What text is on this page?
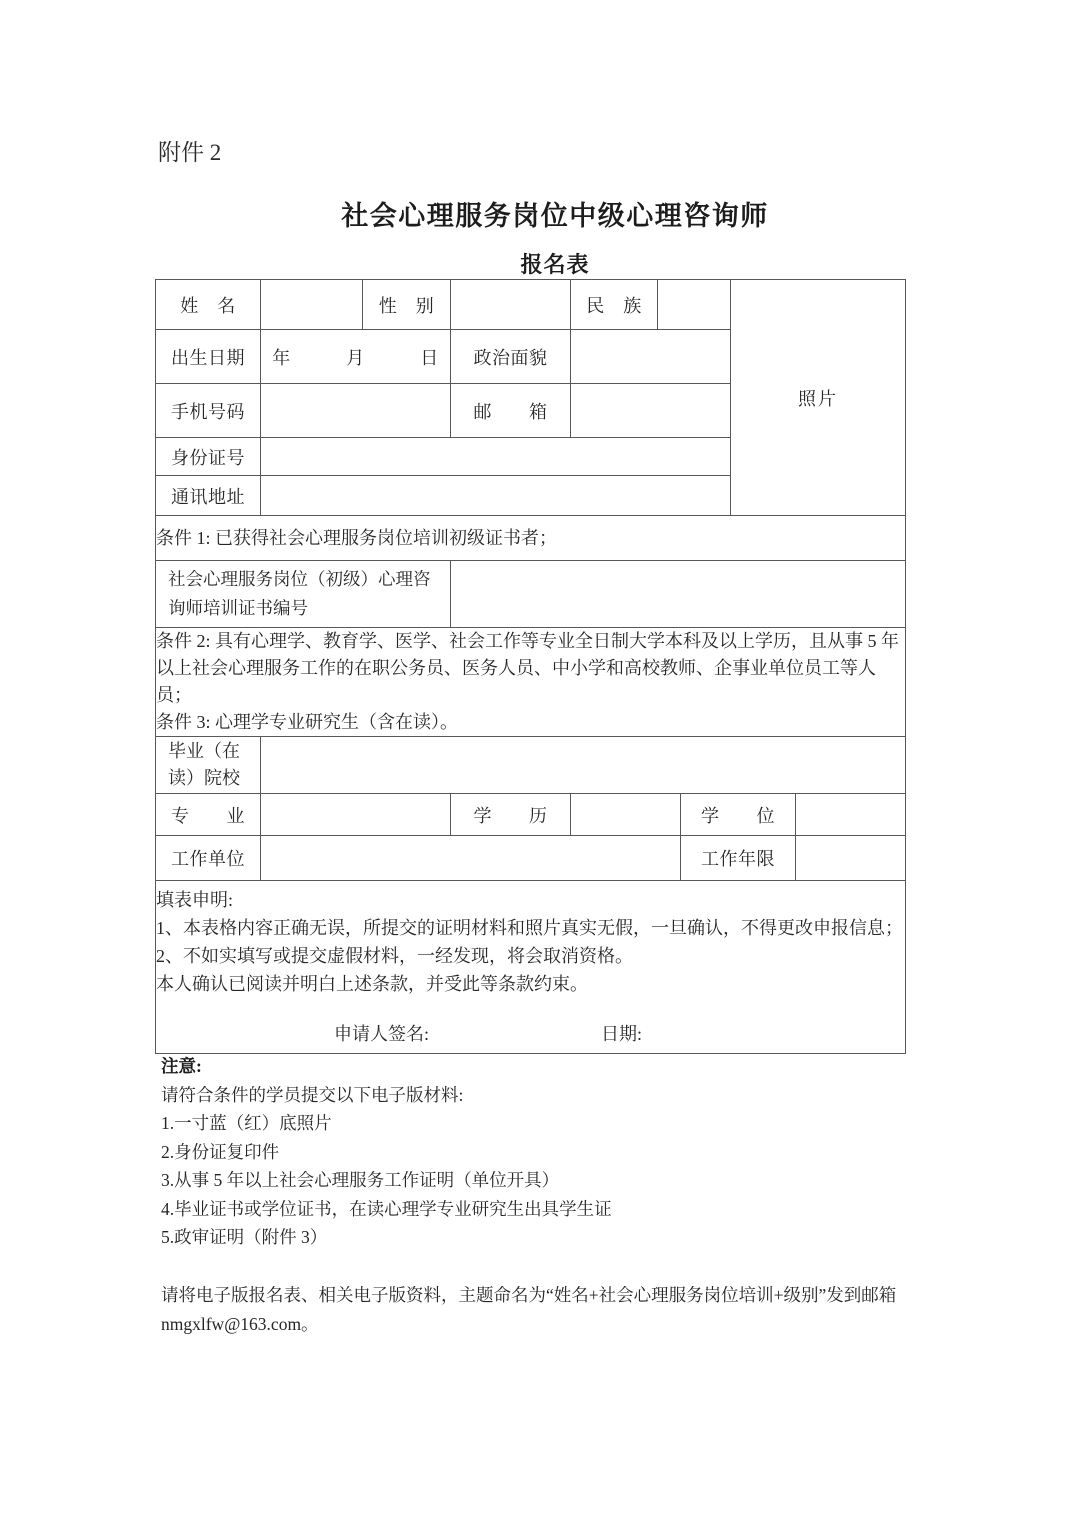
附件 2
社会心理服务岗位中级心理咨询师
报名表
姓　名		性　别		民　族			照片	
出生日期	年　　　月　　　日		政治面貌					
手机号码			邮　　箱					
身份证号								
通讯地址								
条件 1: 已获得社会心理服务岗位培训初级证书者；								

社会心理服务岗位（初级）心理咨询师培训证书编号								

条件 2: 具有心理学、教育学、医学、社会工作等专业全日制大学本科及以上学历，且从事 5 年以上社会心理服务工作的在职公务员、医务人员、中小学和高校教师、企事业单位员工等人员；
条件 3: 心理学专业研究生（含在读）。								

毕业（在读）院校								

专　　业			学　　历			学　　位		
工作单位						工作年限		

填表申明:
1、本表格内容正确无误，所提交的证明材料和照片真实无假，一旦确认，不得更改申报信息；
2、不如实填写或提交虚假材料，一经发现，将会取消资格。
本人确认已阅读并明白上述条款，并受此等条款约束。
申请人签名:	日期:
注意:
请符合条件的学员提交以下电子版材料:
1.一寸蓝（红）底照片
2.身份证复印件
3.从事 5 年以上社会心理服务工作证明（单位开具）
4.毕业证书或学位证书，在读心理学专业研究生出具学生证
5.政审证明（附件 3）
请将电子版报名表、相关电子版资料，主题命名为“姓名+社会心理服务岗位培训+级别”发到邮箱 nmgxlfw@163.com。
